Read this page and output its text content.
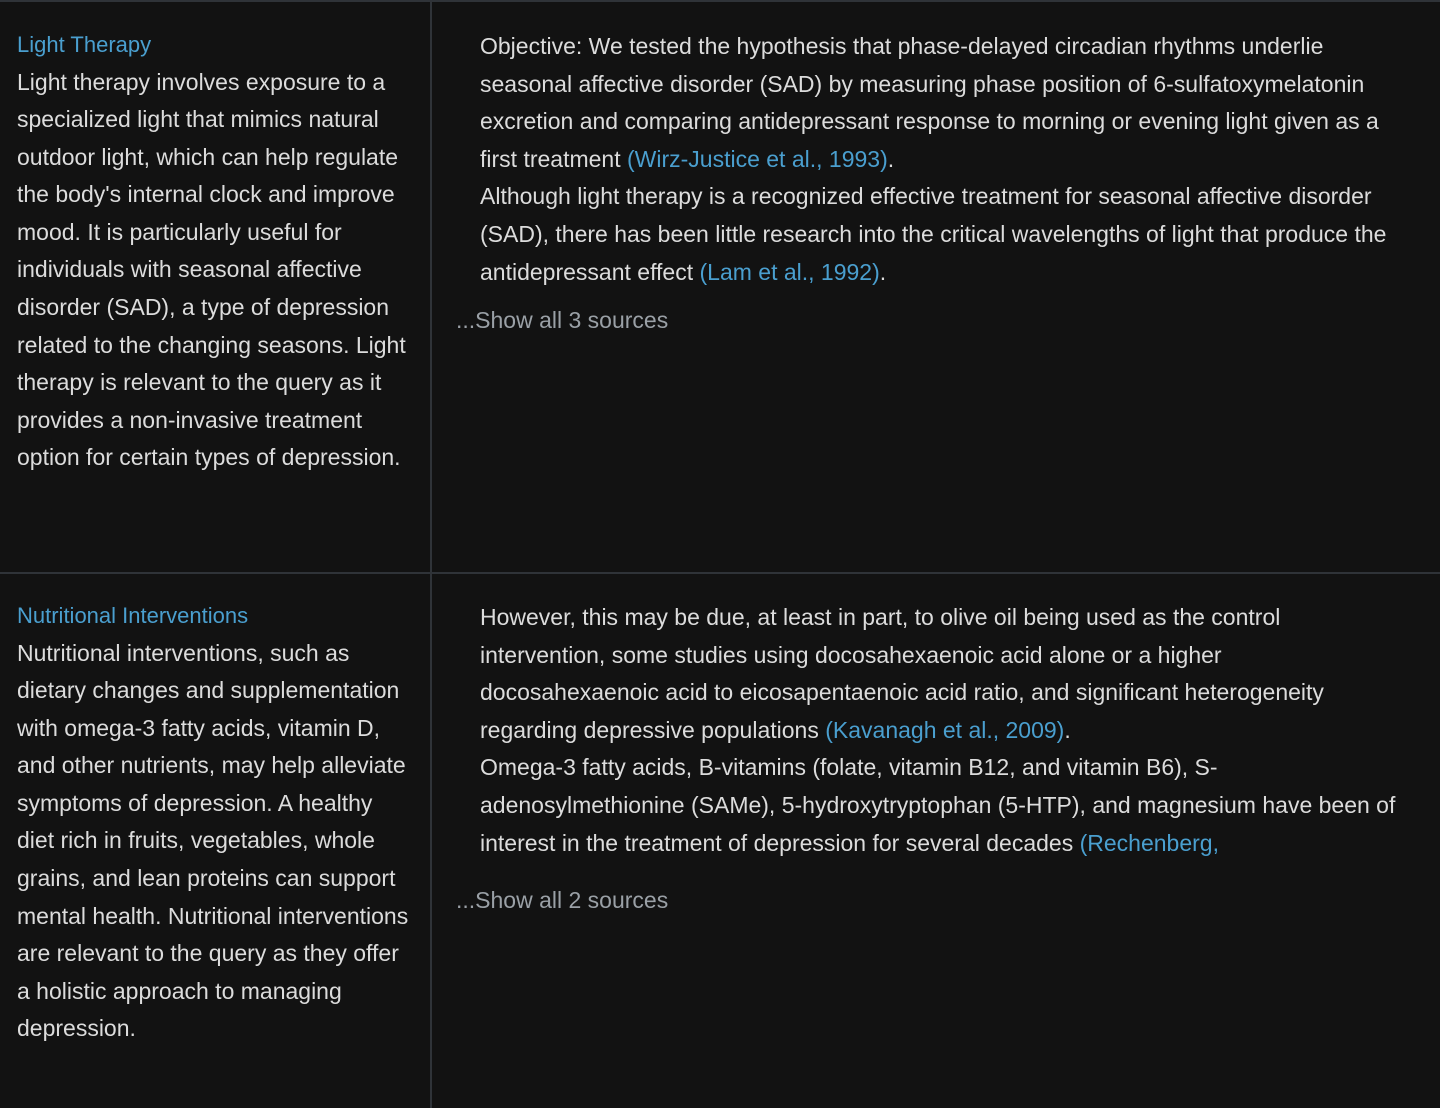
Light Therapy
Light therapy involves exposure to a specialized light that mimics natural outdoor light, which can help regulate the body's internal clock and improve mood. It is particularly useful for individuals with seasonal affective disorder (SAD), a type of depression related to the changing seasons. Light therapy is relevant to the query as it provides a non-invasive treatment option for certain types of depression.
Objective: We tested the hypothesis that phase-delayed circadian rhythms underlie seasonal affective disorder (SAD) by measuring phase position of 6-sulfatoxymelatonin excretion and comparing antidepressant response to morning or evening light given as a first treatment (Wirz-Justice et al., 1993).
Although light therapy is a recognized effective treatment for seasonal affective disorder (SAD), there has been little research into the critical wavelengths of light that produce the antidepressant effect (Lam et al., 1992).
...Show all 3 sources
Nutritional Interventions
Nutritional interventions, such as dietary changes and supplementation with omega-3 fatty acids, vitamin D, and other nutrients, may help alleviate symptoms of depression. A healthy diet rich in fruits, vegetables, whole grains, and lean proteins can support mental health. Nutritional interventions are relevant to the query as they offer a holistic approach to managing depression.
However, this may be due, at least in part, to olive oil being used as the control intervention, some studies using docosahexaenoic acid alone or a higher docosahexaenoic acid to eicosapentaenoic acid ratio, and significant heterogeneity regarding depressive populations (Kavanagh et al., 2009).
Omega-3 fatty acids, B-vitamins (folate, vitamin B12, and vitamin B6), S-adenosylmethionine (SAMe), 5-hydroxytryptophan (5-HTP), and magnesium have been of interest in the treatment of depression for several decades (Rechenberg,
...Show all 2 sources
